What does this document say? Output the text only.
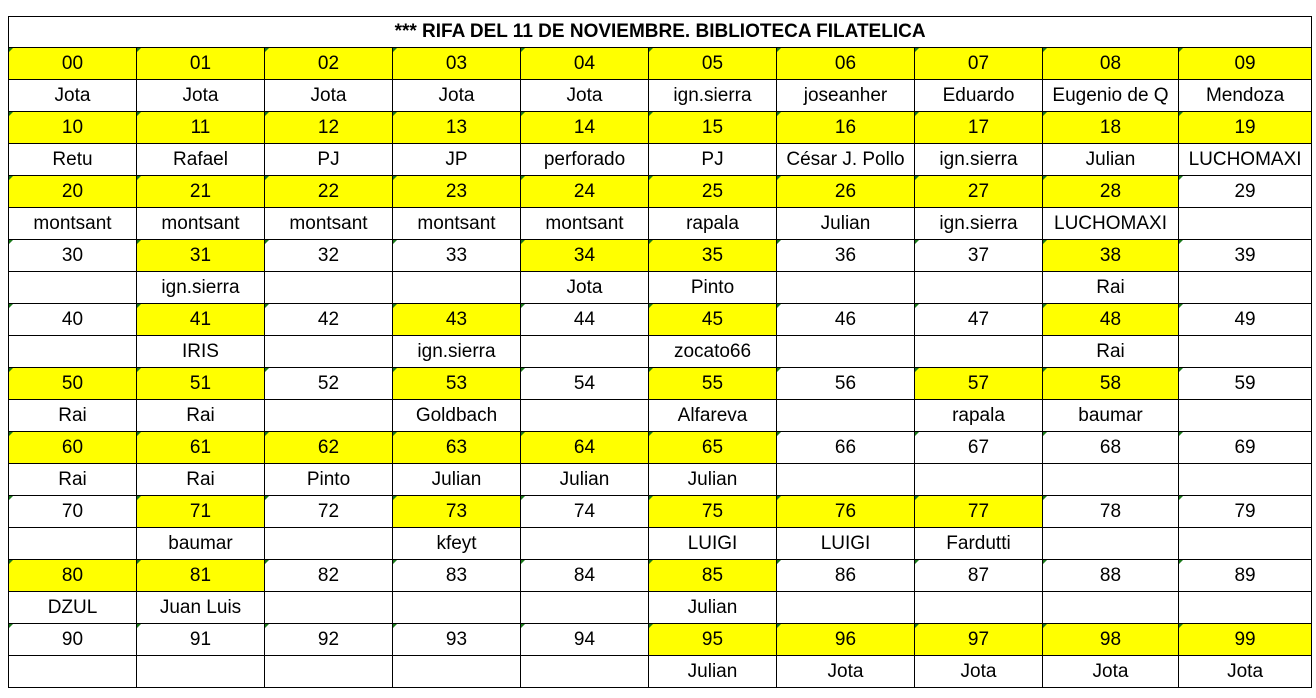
*** RIFA DEL 11 DE NOVIEMBRE. BIBLIOTECA FILATELICA									
00	01	02	03	04	05	06	07	08	09
Jota	Jota	Jota	Jota	Jota	ign.sierra	joseanher	Eduardo	Eugenio de Q	Mendoza
10	11	12	13	14	15	16	17	18	19
Retu	Rafael	PJ	JP	perforado	PJ	César J. Pollo	ign.sierra	Julian	LUCHOMAXI
20	21	22	23	24	25	26	27	28	29
montsant	montsant	montsant	montsant	montsant	rapala	Julian	ign.sierra	LUCHOMAXI	
30	31	32	33	34	35	36	37	38	39
	ign.sierra			Jota	Pinto			Rai	
40	41	42	43	44	45	46	47	48	49
	IRIS		ign.sierra		zocato66			Rai	
50	51	52	53	54	55	56	57	58	59
Rai	Rai		Goldbach		Alfareva		rapala	baumar	
60	61	62	63	64	65	66	67	68	69
Rai	Rai	Pinto	Julian	Julian	Julian				
70	71	72	73	74	75	76	77	78	79
	baumar		kfeyt		LUIGI	LUIGI	Fardutti		
80	81	82	83	84	85	86	87	88	89
DZUL	Juan Luis				Julian				
90	91	92	93	94	95	96	97	98	99
					Julian	Jota	Jota	Jota	Jota
